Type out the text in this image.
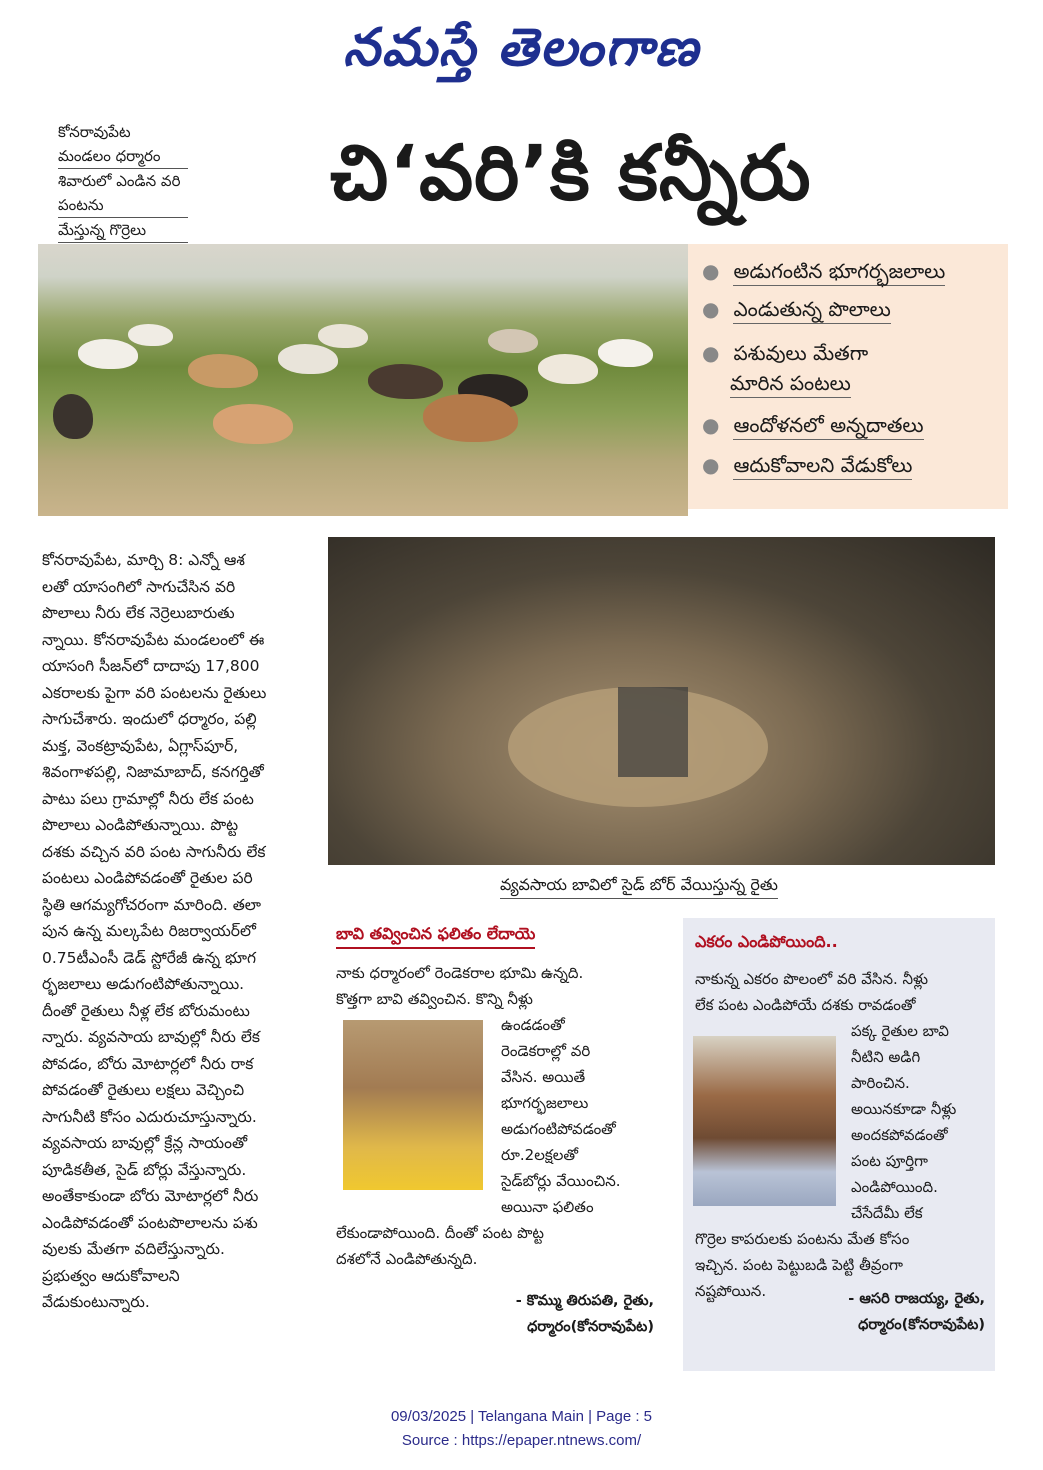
నమస్తే తెలంగాణ
కోనరావుపేట మండలం ధర్మారం
శివారులో ఎండిన వరి పంటను
మేస్తున్న గొర్రెలు
చి‘వరి’కి కన్నీరు
● అడుగంటిన భూగర్భజలాలు
● ఎండుతున్న పొలాలు
● పశువులు మేతగా
మారిన పంటలు
● ఆందోళనలో అన్నదాతలు
● ఆదుకోవాలని వేడుకోలు
కోనరావుపేట, మార్చి 8: ఎన్నో ఆశ
లతో యాసంగిలో సాగుచేసిన వరి
పొలాలు నీరు లేక నెర్రెలుబారుతు
న్నాయి. కోనరావుపేట మండలంలో ఈ
యాసంగి సీజన్‌లో దాదాపు 17,800
ఎకరాలకు పైగా వరి పంటలను రైతులు
సాగుచేశారు. ఇందులో ధర్మారం, పల్లి
మక్త, వెంకట్రావుపేట, ఏగ్లాస్‌పూర్,
శివంగాళపల్లి, నిజామాబాద్, కనగర్తితో
పాటు పలు గ్రామాల్లో నీరు లేక పంట
పొలాలు ఎండిపోతున్నాయి. పొట్ట
దశకు వచ్చిన వరి పంట సాగునీరు లేక
పంటలు ఎండిపోవడంతో రైతుల పరి
స్థితి ఆగమ్యగోచరంగా మారింది. తలా
పున ఉన్న మల్కపేట రిజర్వాయర్‌లో
0.75టీఎంసీ డెడ్ స్టోరేజీ ఉన్న భూగ
ర్భజలాలు అడుగంటిపోతున్నాయి.
దీంతో రైతులు నీళ్ల లేక బోరుమంటు
న్నారు. వ్యవసాయ బావుల్లో నీరు లేక
పోవడం, బోరు మోటార్లలో నీరు రాక
పోవడంతో రైతులు లక్షలు వెచ్చించి
సాగునీటి కోసం ఎదురుచూస్తున్నారు.
వ్యవసాయ బావుల్లో క్రేన్ల సాయంతో
పూడికతీత, సైడ్ బోర్లు వేస్తున్నారు.
అంతేకాకుండా బోరు మోటార్లలో నీరు
ఎండిపోవడంతో పంటపొలాలను పశు
వులకు మేతగా వదిలేస్తున్నారు.
ప్రభుత్వం ఆదుకోవాలని
వేడుకుంటున్నారు.
వ్యవసాయ బావిలో సైడ్ బోర్ వేయిస్తున్న రైతు
బావి తవ్వించిన ఫలితం లేదాయె
నాకు ధర్మారంలో రెండెకరాల భూమి ఉన్నది.
కొత్తగా బావి తవ్వించిన. కొన్ని నీళ్లు
ఉండడంతో
రెండెకరాల్లో వరి
వేసిన. అయితే
భూగర్భజలాలు
అడుగంటిపోవడంతో
రూ.2లక్షలతో
సైడ్‌బోర్లు వేయించిన.
అయినా ఫలితం
లేకుండాపోయింది. దీంతో పంట పొట్ట
దశలోనే ఎండిపోతున్నది.
- కొమ్ము తిరుపతి, రైతు,
ధర్మారం(కోనరావుపేట)
ఎకరం ఎండిపోయింది..
నాకున్న ఎకరం పొలంలో వరి వేసిన. నీళ్లు
లేక పంట ఎండిపోయే దశకు రావడంతో
పక్క రైతుల బావి
నీటిని అడిగి
పారించిన.
అయినకూడా నీళ్లు
అందకపోవడంతో
పంట పూర్తిగా
ఎండిపోయింది.
చేసేదేమీ లేక
గొర్రెల కాపరులకు పంటను మేత కోసం
ఇచ్చిన. పంట పెట్టుబడి పెట్టి తీవ్రంగా
నష్టపోయిన.	- ఆసరి రాజయ్య, రైతు,
ధర్మారం(కోనరావుపేట)
09/03/2025 | Telangana Main | Page : 5
Source : https://epaper.ntnews.com/
